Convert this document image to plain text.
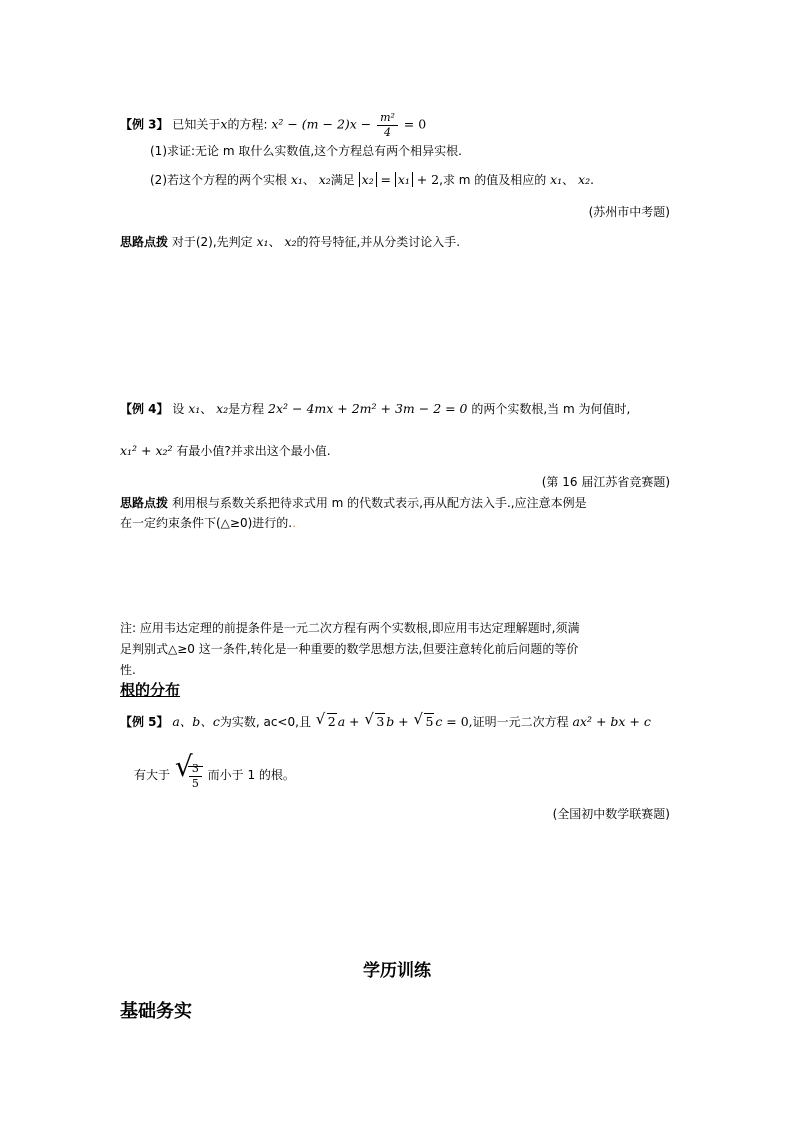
【例 3】 已知关于x的方程: $x^2 - (m - 2)x - \frac{\text{m²}}{4} = 0$
(1)求证:无论 m 取什么实数值,这个方程总有两个相异实根.
(2)若这个方程的两个实根 x₁、 x₂满足 x₂ = x₁ + 2,求 m 的值及相应的 x₁、 x₂.
(苏州市中考题)
思路点拨 对于(2),先判定 x₁、 x₂的符号特征,并从分类讨论入手.
【例 4】 设 x₁、 x₂是方程 2x² − 4mx + 2m² + 3m − 2 = 0 的两个实数根,当 m 为何值时,
x₁² + x₂² 有最小值?并求出这个最小值.
(第 16 届江苏省竞赛题)
思路点拨 利用根与系数关系把待求式用 m 的代数式表示,再从配方法入手.,应注意本例是
在一定约束条件下(△≥0)进行的..
注: 应用韦达定理的前提条件是一元二次方程有两个实数根,即应用韦达定理解题时,须满
足判别式△≥0 这一条件,转化是一种重要的数学思想方法,但要注意转化前后问题的等价
性.
根的分布
【例 5】 a、b、c为实数, ac<0,且 √ 2 a + √ 3 b + √ 5 c = 0,证明一元二次方程 ax² + bx + c
有大于 √
$\frac{3}{5}$ 而小于 1 的根。
(全国初中数学联赛题)
学历训练
基础务实
